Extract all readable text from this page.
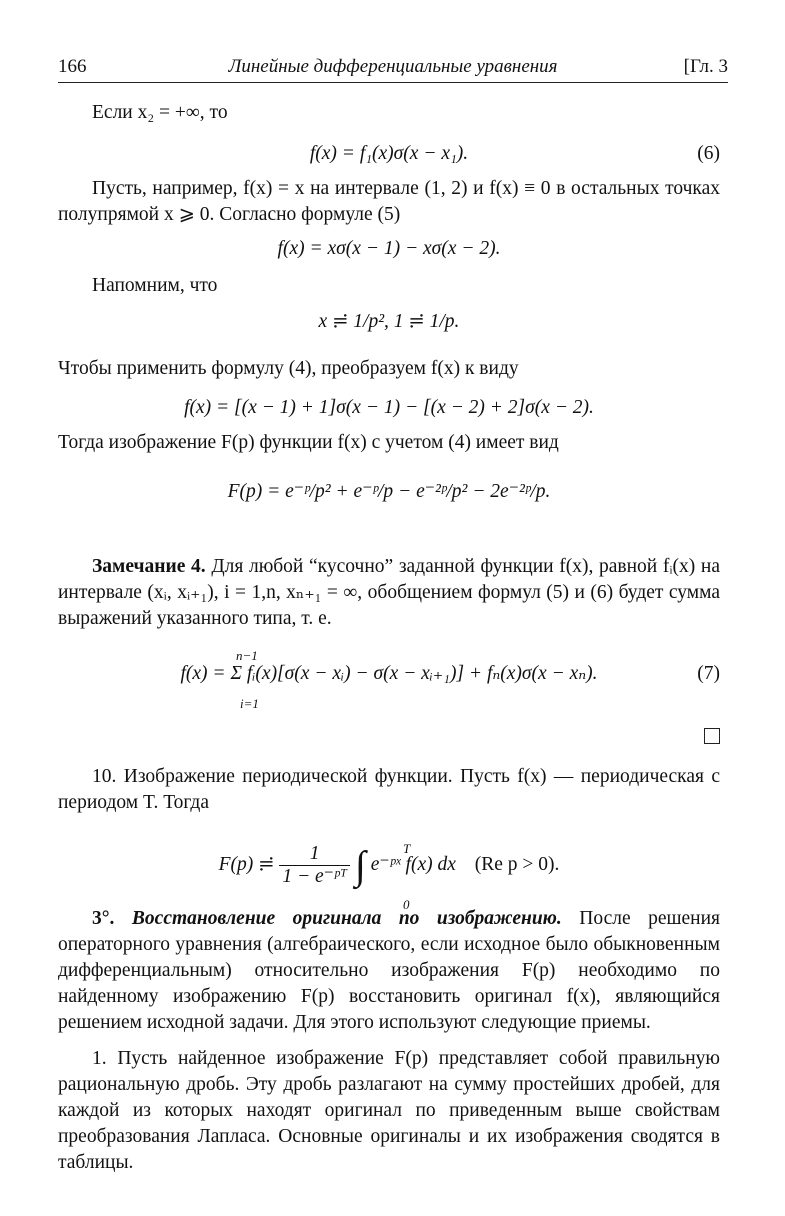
166	Линейные дифференциальные уравнения	[Гл. 3
Если x₂ = +∞, то
f(x) = f₁(x)σ(x − x₁).	(6)
Пусть, например, f(x) = x на интервале (1, 2) и f(x) ≡ 0 в остальных точках полупрямой x ⩾ 0. Согласно формуле (5)
f(x) = xσ(x − 1) − xσ(x − 2).
Напомним, что
x ≓ 1/p², 1 ≓ 1/p.
Чтобы применить формулу (4), преобразуем f(x) к виду
f(x) = [(x − 1) + 1]σ(x − 1) − [(x − 2) + 2]σ(x − 2).
Тогда изображение F(p) функции f(x) с учетом (4) имеет вид
F(p) = e⁻ᵖ/p² + e⁻ᵖ/p − e⁻²ᵖ/p² − 2e⁻²ᵖ/p.
Замечание 4. Для любой “кусочно” заданной функции f(x), равной fᵢ(x) на интервале (xᵢ, xᵢ₊₁), i = 1,n, xₙ₊₁ = ∞, обобщением формул (5) и (6) будет сумма выражений указанного типа, т. е.
n−1
i=1
f(x) = Σ fᵢ(x)[σ(x − xᵢ) − σ(x − xᵢ₊₁)] + fₙ(x)σ(x − xₙ).	(7)
10. Изображение периодической функции. Пусть f(x) — периодическая с периодом T. Тогда
F(p) ≓ $\frac{1}{\text{1 − e⁻ᵖᵀ}}$ ∫	T
0
e⁻ᵖˣ f(x) dx (Re p > 0).
3°. Восстановление оригинала по изображению. После решения операторного уравнения (алгебраического, если исходное было обыкновенным дифференциальным) относительно изображения F(p) необходимо по найденному изображению F(p) восстановить оригинал f(x), являющийся решением исходной задачи. Для этого используют следующие приемы.
1. Пусть найденное изображение F(p) представляет собой правильную рациональную дробь. Эту дробь разлагают на сумму простейших дробей, для каждой из которых находят оригинал по приведенным выше свойствам преобразования Лапласа. Основные оригиналы и их изображения сводятся в таблицы.
